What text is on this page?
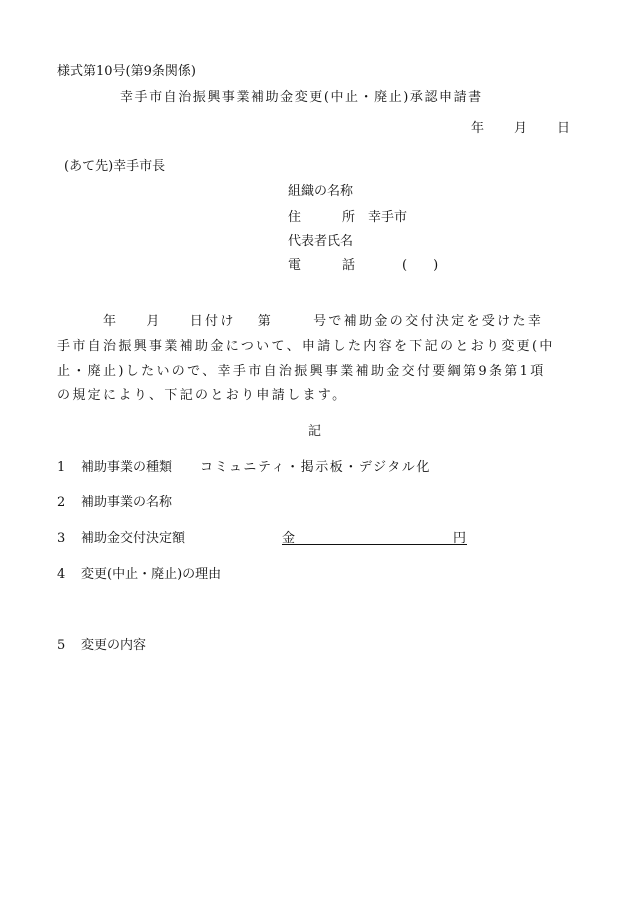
様式第10号(第9条関係)
幸手市自治振興事業補助金変更(中止・廃止)承認申請書
年 月 日
(あて先)幸手市長
組織の名称
住	所 幸手市
代表者氏名
電	話	(　　)
年 月 日付け 第	号で補助金の交付決定を受けた幸
手市自治振興事業補助金について、申請した内容を下記のとおり変更(中
止・廃止)したいので、幸手市自治振興事業補助金交付要綱第9条第1項
の規定により、下記のとおり申請します。
記
1 補助事業の種類 コミュニティ・掲示板・デジタル化
2 補助事業の名称
3 補助金交付決定額	金	円
4 変更(中止・廃止)の理由
5 変更の内容
